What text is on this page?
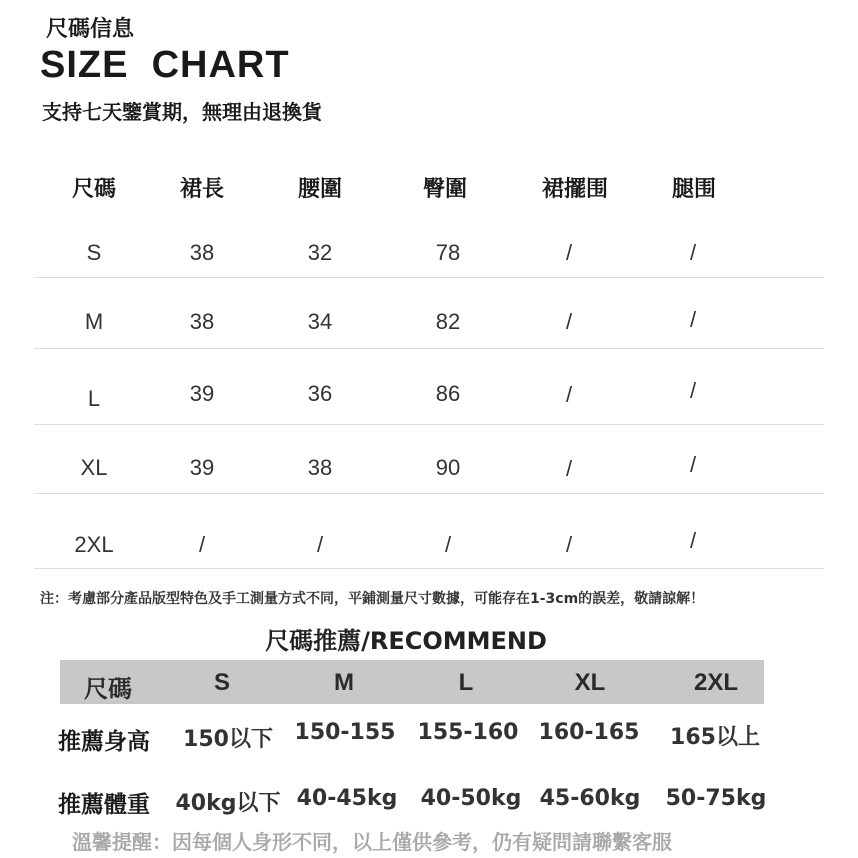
尺碼信息
SIZE  CHART
支持七天鑒賞期，無理由退換貨
尺碼	裙長	腰圍	臀圍	裙擺围	腿围
S	38	32	78	/	/
M	38	34	82	/	/
L	39	36	86	/	/
XL	39	38	90	/	/
2XL	/	/	/	/	/
注：考慮部分產品版型特色及手工測量方式不同，平鋪測量尺寸數據，可能存在1-3cm的誤差，敬請諒解！
尺碼推薦/RECOMMEND
尺碼	S	M	L	XL	2XL
推薦身高 150以下 150-155 155-160 160-165 165以上
推薦體重 40kg以下 40-45kg 40-50kg 45-60kg 50-75kg
溫馨提醒：因每個人身形不同，以上僅供參考，仍有疑問請聯繫客服
